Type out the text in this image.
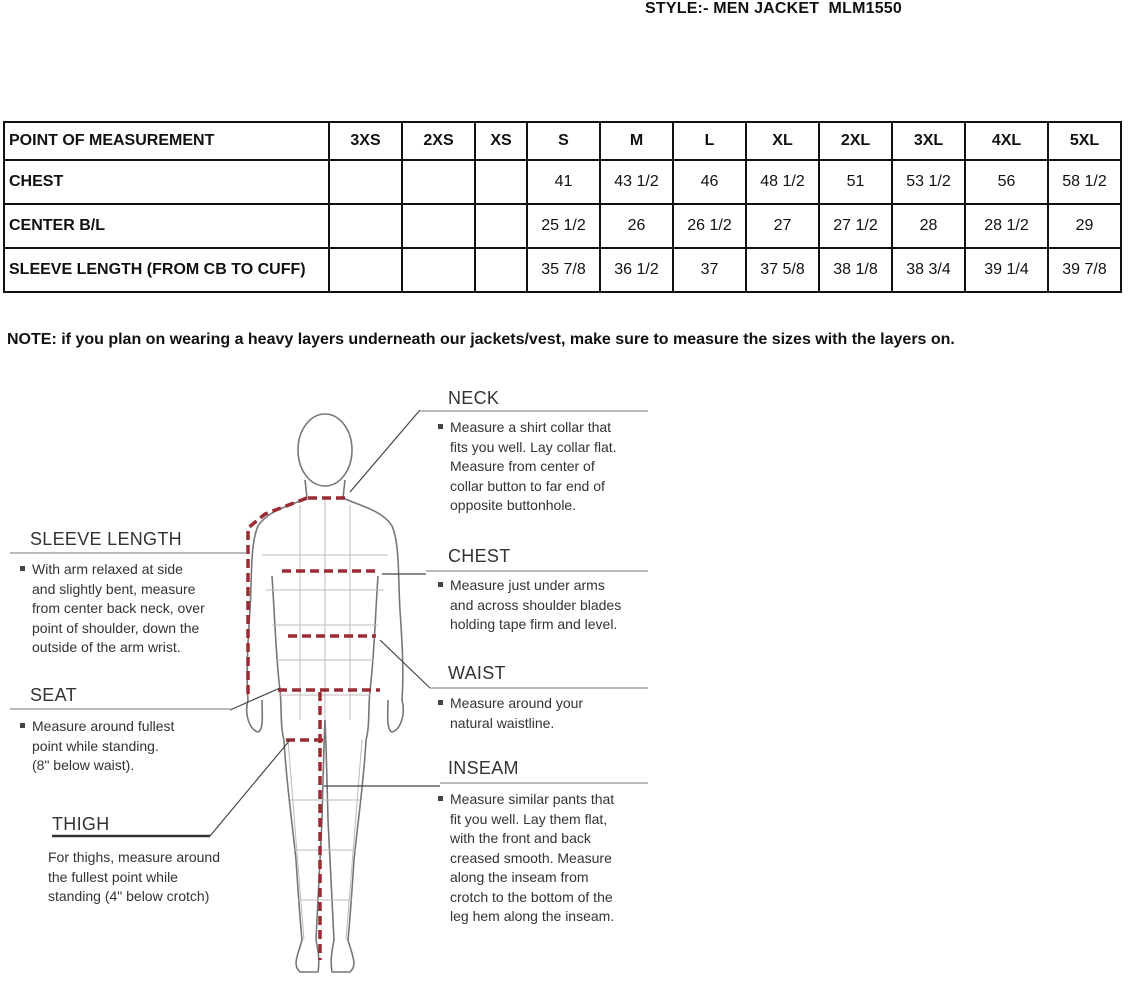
STYLE:- MEN JACKET  MLM1550
POINT OF MEASUREMENT	3XS	2XS	XS	S	M	L	XL	2XL	3XL	4XL	5XL
CHEST				41	43 1/2	46	48 1/2	51	53 1/2	56	58 1/2
CENTER B/L				25 1/2	26	26 1/2	27	27 1/2	28	28 1/2	29
SLEEVE LENGTH (FROM CB TO CUFF)				35 7/8	36 1/2	37	37 5/8	38 1/8	38 3/4	39 1/4	39 7/8
NOTE: if you plan on wearing a heavy layers underneath our jackets/vest, make sure to measure the sizes with the layers on.
NECK
Measure a shirt collar that
fits you well. Lay collar flat.
Measure from center of
collar button to far end of
opposite buttonhole.
CHEST
Measure just under arms
and across shoulder blades
holding tape firm and level.
WAIST
Measure around your
natural waistline.
INSEAM
Measure similar pants that
fit you well. Lay them flat,
with the front and back
creased smooth. Measure
along the inseam from
crotch to the bottom of the
leg hem along the inseam.
SLEEVE LENGTH
With arm relaxed at side
and slightly bent, measure
from center back neck, over
point of shoulder, down the
outside of the arm wrist.
SEAT
Measure around fullest
point while standing.
(8" below waist).
THIGH
For thighs, measure around
the fullest point while
standing (4" below crotch)
